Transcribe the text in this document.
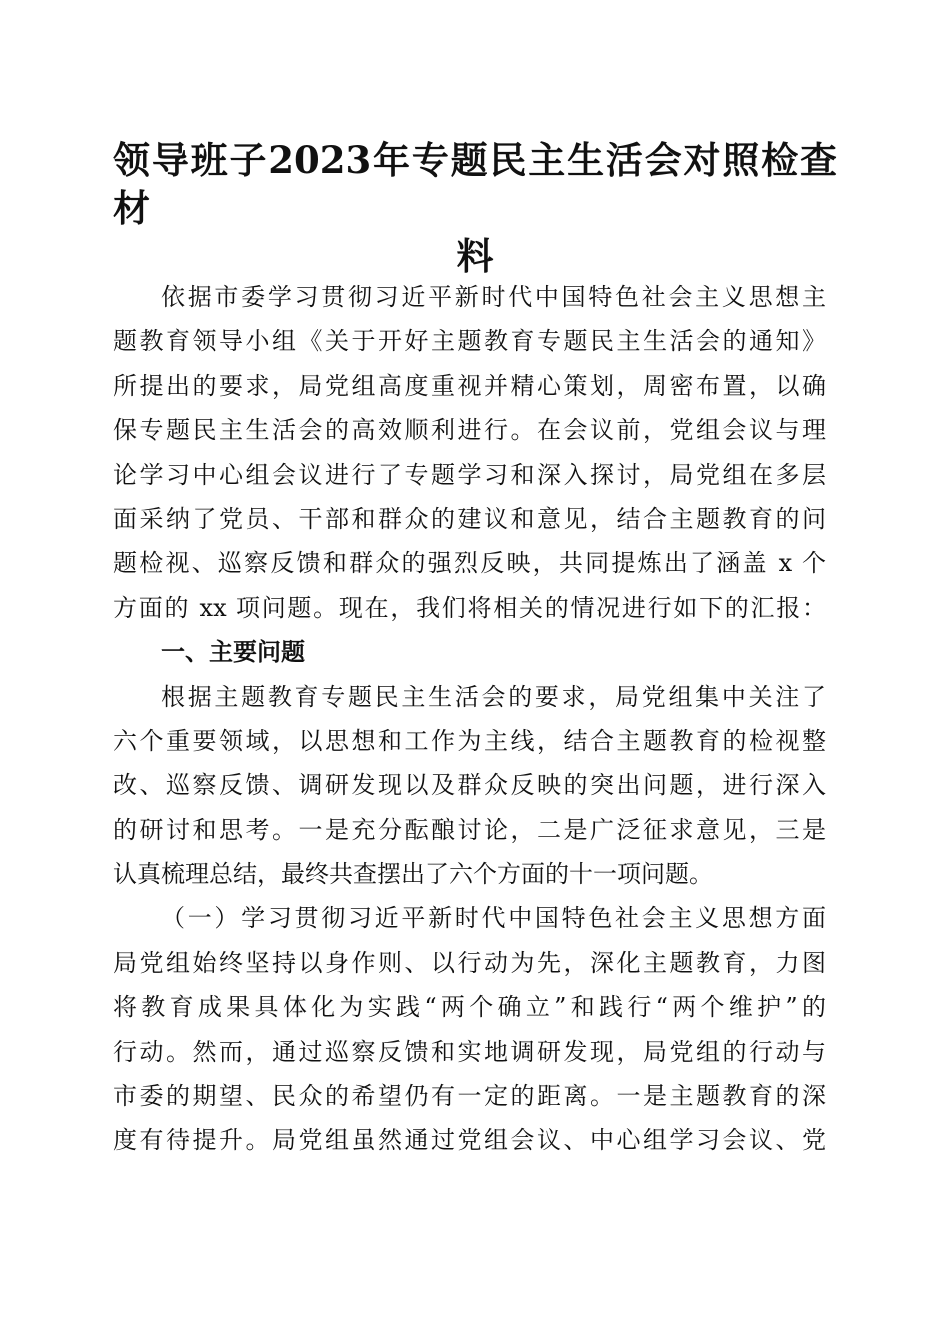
领导班子2023年专题民主生活会对照检查材
料
依据市委学习贯彻习近平新时代中国特色社会主义思想主
题教育领导小组《关于开好主题教育专题民主生活会的通知》
所提出的要求，局党组高度重视并精心策划，周密布置，以确
保专题民主生活会的高效顺利进行。在会议前，党组会议与理
论学习中心组会议进行了专题学习和深入探讨，局党组在多层
面采纳了党员、干部和群众的建议和意见，结合主题教育的问
题检视、巡察反馈和群众的强烈反映，共同提炼出了涵盖 x 个
方面的 xx 项问题。现在，我们将相关的情况进行如下的汇报：
一、主要问题
根据主题教育专题民主生活会的要求，局党组集中关注了
六个重要领域，以思想和工作为主线，结合主题教育的检视整
改、巡察反馈、调研发现以及群众反映的突出问题，进行深入
的研讨和思考。一是充分酝酿讨论，二是广泛征求意见，三是
认真梳理总结，最终共查摆出了六个方面的十一项问题。
（一）学习贯彻习近平新时代中国特色社会主义思想方面
局党组始终坚持以身作则、以行动为先，深化主题教育，力图
将教育成果具体化为实践“两个确立”和践行“两个维护”的
行动。然而，通过巡察反馈和实地调研发现，局党组的行动与
市委的期望、民众的希望仍有一定的距离。一是主题教育的深
度有待提升。局党组虽然通过党组会议、中心组学习会议、党
